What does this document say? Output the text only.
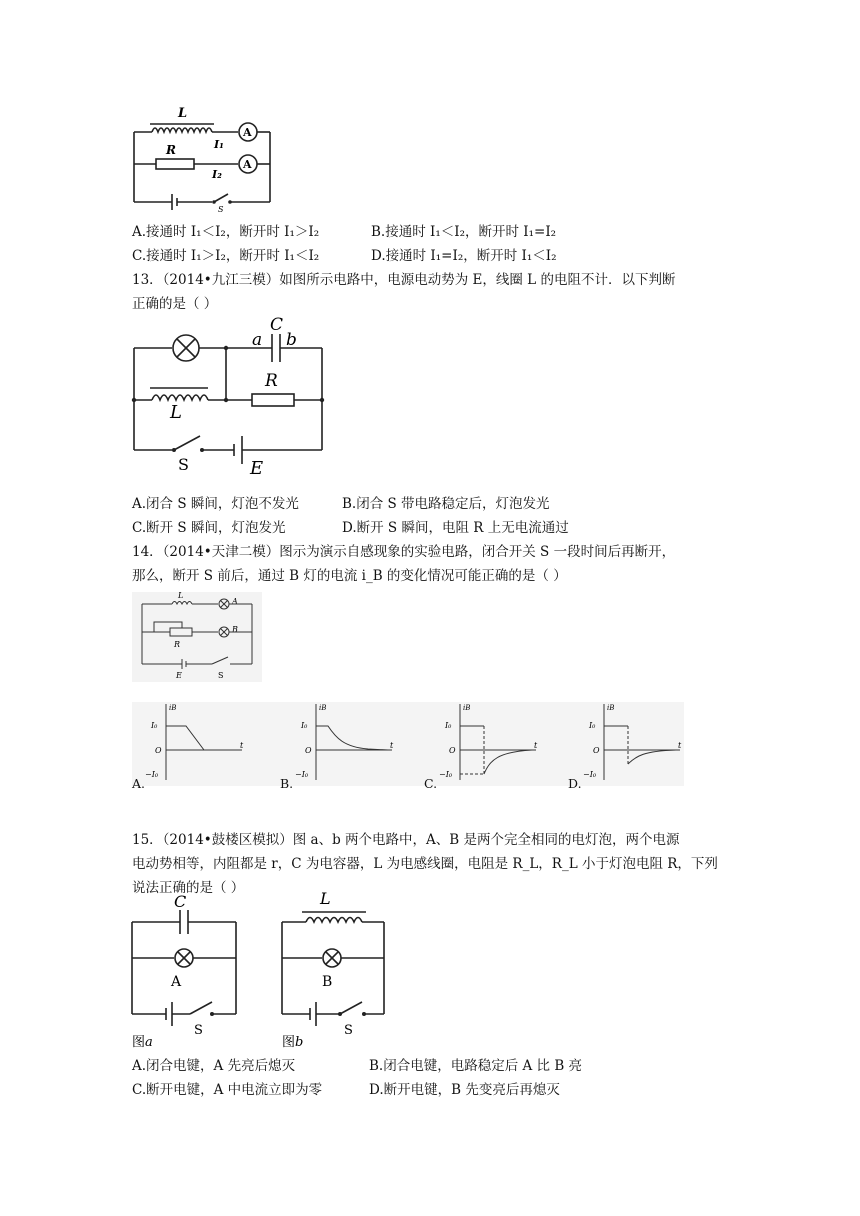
L
A
I₁
R
A
I₂
S
A.接通时 I₁＜I₂，断开时 I₁＞I₂	B.接通时 I₁＜I₂，断开时 I₁=I₂
C.接通时 I₁＞I₂，断开时 I₁＜I₂	D.接通时 I₁=I₂，断开时 I₁＜I₂
13．（2014•九江三模）如图所示电路中，电源电动势为 E，线圈 L 的电阻不计．以下判断
正确的是（ ）
a
C
b
L
R
S	E
A.闭合 S 瞬间，灯泡不发光	B.闭合 S 带电路稳定后，灯泡发光
C.断开 S 瞬间，灯泡发光	D.断开 S 瞬间，电阻 R 上无电流通过
14．（2014•天津二模）图示为演示自感现象的实验电路，闭合开关 S 一段时间后再断开，
那么，断开 S 前后，通过 B 灯的电流 i_B 的变化情况可能正确的是（ ）
L
A
R
B
E	S
A.	B.	C.	D.
iB
I₀
O
−I₀
t
iB
I₀
O
−I₀
t
iB
I₀
O
−I₀
t
iB
I₀
O
−I₀
t
15．（2014•鼓楼区模拟）图 a、b 两个电路中，A、B 是两个完全相同的电灯泡，两个电源
电动势相等，内阻都是 r，C 为电容器，L 为电感线圈，电阻是 R_L，R_L 小于灯泡电阻 R，下列
说法正确的是（ ）
C
A
S
图a
L
B
S
图b
A.闭合电键，A 先亮后熄灭	B.闭合电键，电路稳定后 A 比 B 亮
C.断开电键，A 中电流立即为零	D.断开电键，B 先变亮后再熄灭
